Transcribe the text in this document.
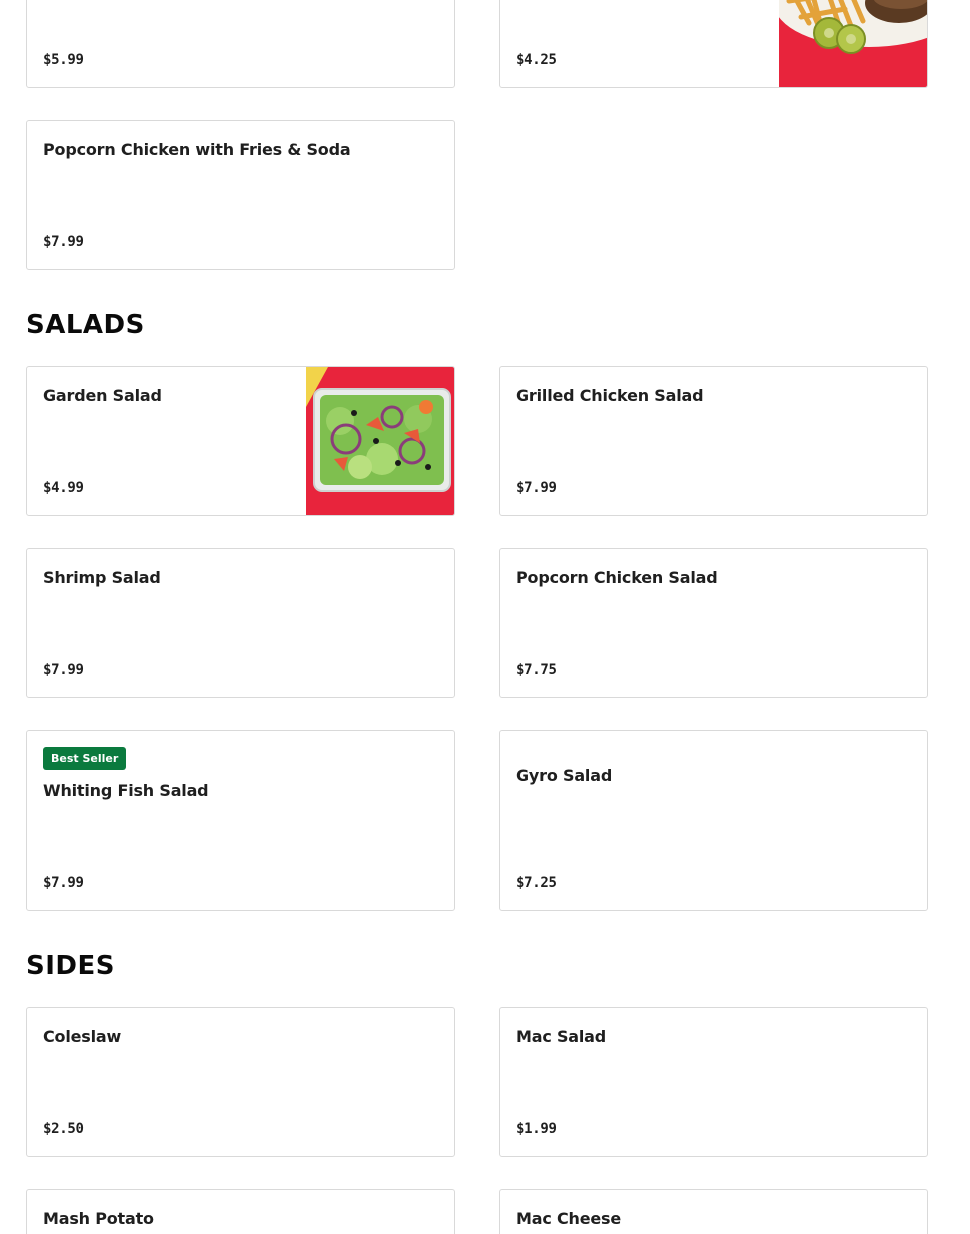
$5.99	$4.25
Popcorn Chicken with Fries & Soda
$7.99
SALADS
Garden Salad
$4.99
Grilled Chicken Salad
$7.99
Shrimp Salad
$7.99
Popcorn Chicken Salad
$7.75
Best Seller
Whiting Fish Salad
$7.99
Gyro Salad
$7.25
SIDES
Coleslaw
$2.50
Mac Salad
$1.99
Mash Potato	Mac Cheese
